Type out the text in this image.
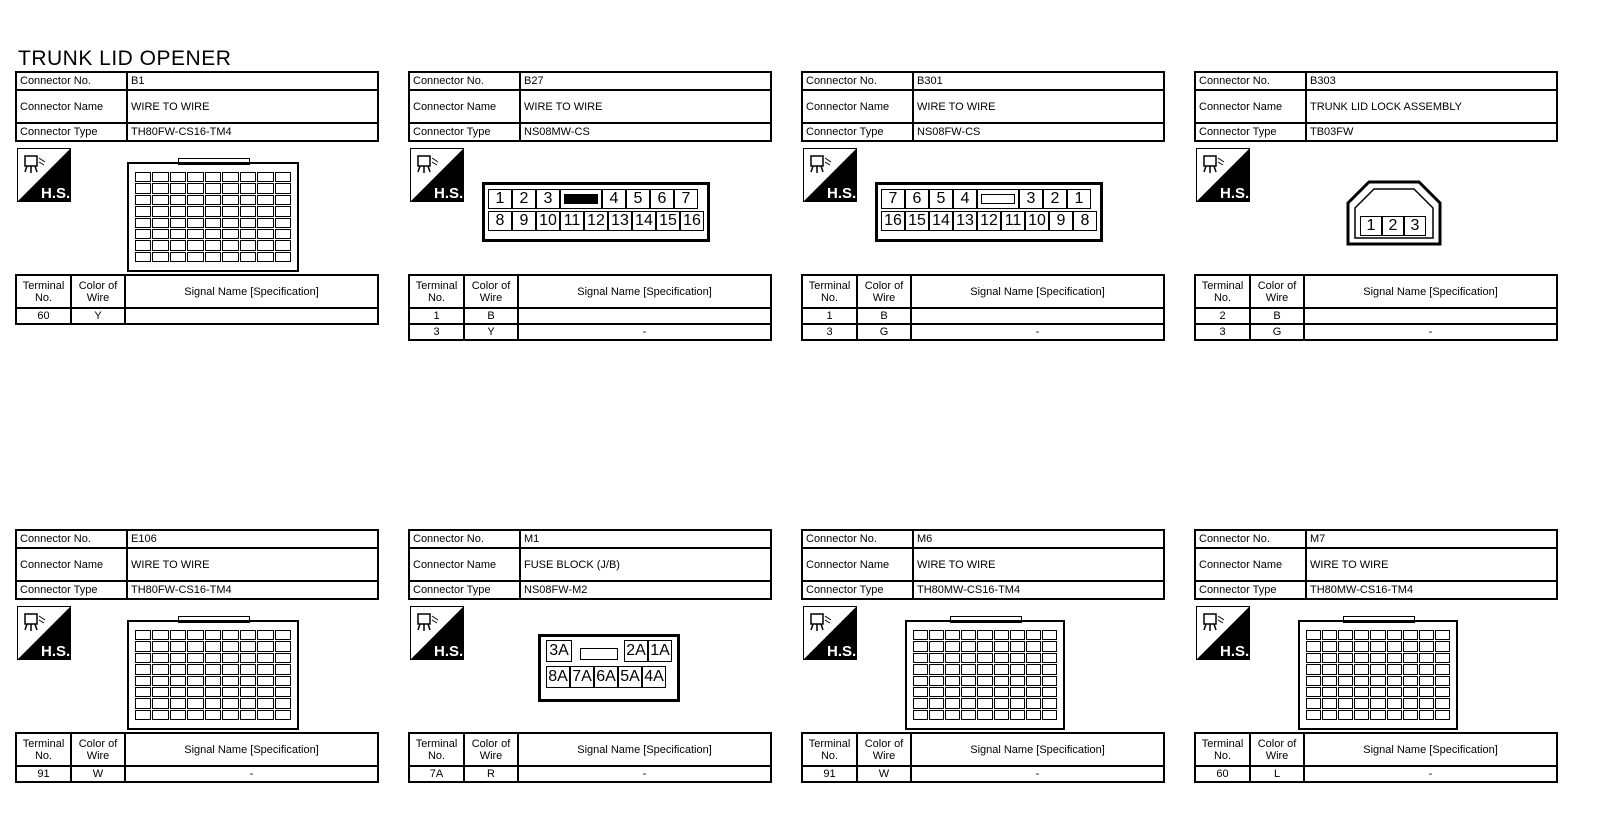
TRUNK LID OPENER
Connector No.	B1
Connector Name	WIRE TO WIRE
Connector Type	TH80FW-CS16-TM4
H.S.
Terminal No.	Color of Wire	Signal Name [Specification]
60	Y	
Connector No.	B27
Connector Name	WIRE TO WIRE
Connector Type	NS08MW-CS
H.S.	1 2 3	4 5 6 7
8 9 10 11 12 13 14 15 16
Terminal No.	Color of Wire	Signal Name [Specification]
1	B	
3	Y	-
Connector No.	B301
Connector Name	WIRE TO WIRE
Connector Type	NS08FW-CS
H.S.	7 6 5 4	3 2 1
16 15 14 13 12 11 10 9 8
Terminal No.	Color of Wire	Signal Name [Specification]
1	B	
3	G	-
Connector No.	B303
Connector Name	TRUNK LID LOCK ASSEMBLY
Connector Type	TB03FW
H.S.
1 2 3
Terminal No.	Color of Wire	Signal Name [Specification]
2	B	
3	G	-
Connector No.	E106
Connector Name	WIRE TO WIRE
Connector Type	TH80FW-CS16-TM4
H.S.
Terminal No.	Color of Wire	Signal Name [Specification]
91	W	-
Connector No.	M1
Connector Name	FUSE BLOCK (J/B)
Connector Type	NS08FW-M2
H.S.	3A	2A 1A
8A 7A 6A 5A 4A
Terminal No.	Color of Wire	Signal Name [Specification]
7A	R	-
Connector No.	M6
Connector Name	WIRE TO WIRE
Connector Type	TH80MW-CS16-TM4
H.S.
Terminal No.	Color of Wire	Signal Name [Specification]
91	W	-
Connector No.	M7
Connector Name	WIRE TO WIRE
Connector Type	TH80MW-CS16-TM4
H.S.
Terminal No.	Color of Wire	Signal Name [Specification]
60	L	-
